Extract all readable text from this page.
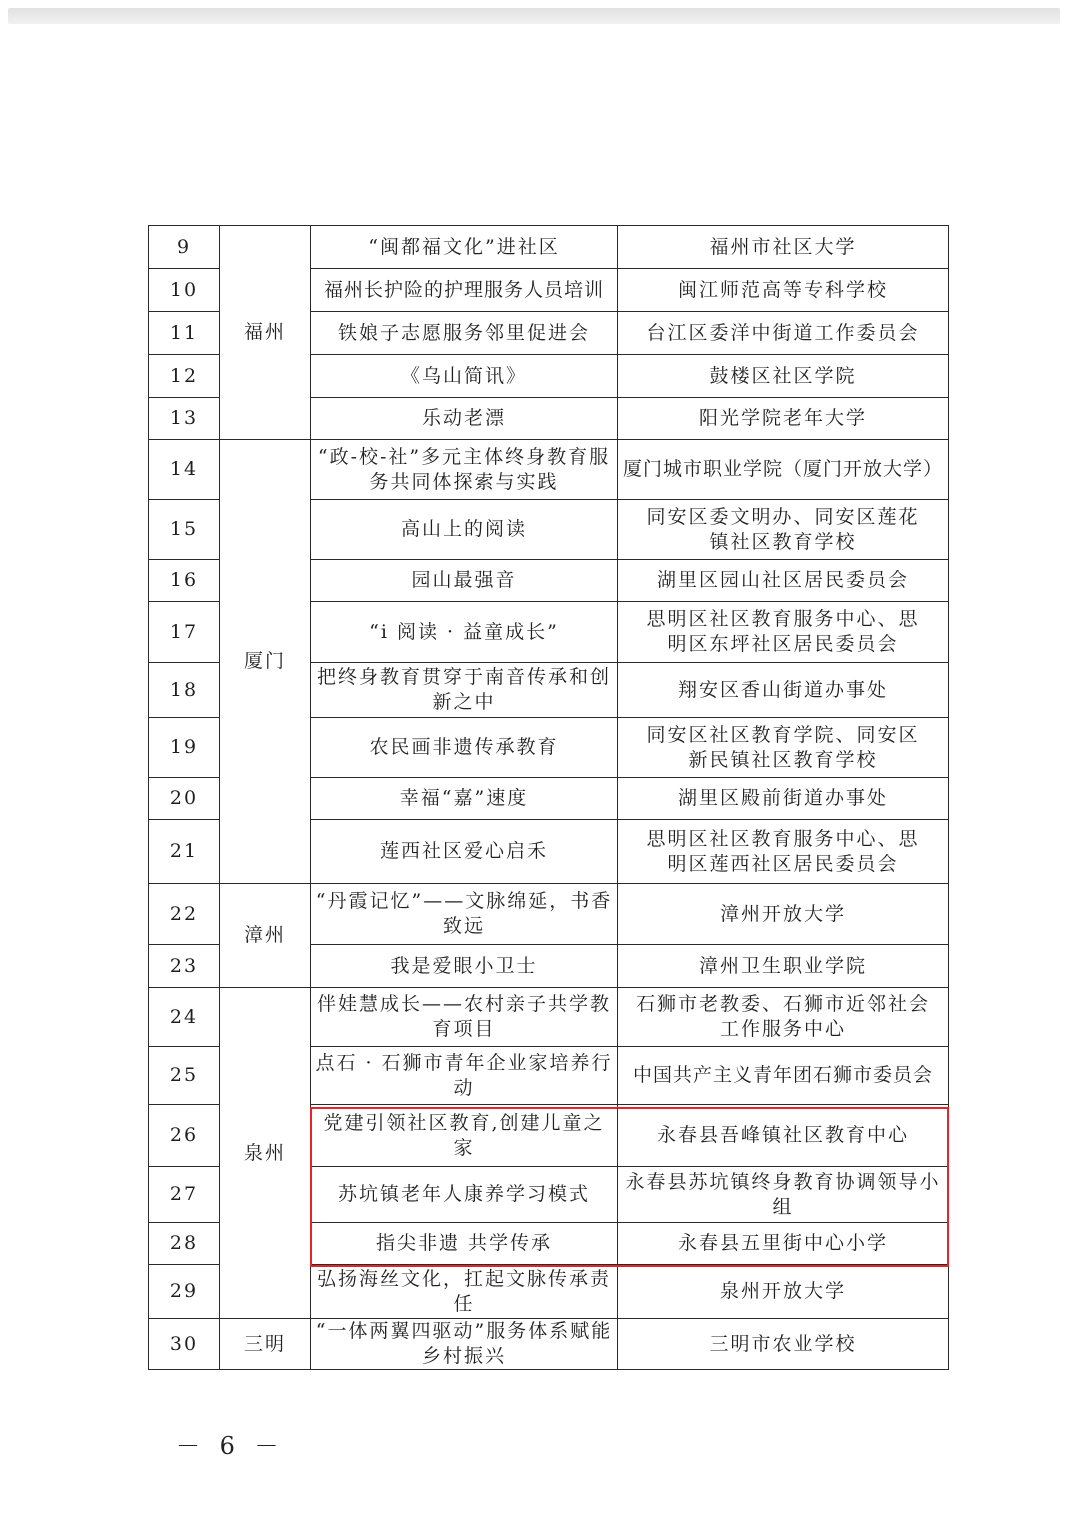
9	福州	“闽都福文化”进社区	福州市社区大学
10		福州长护险的护理服务人员培训	闽江师范高等专科学校
11		铁娘子志愿服务邻里促进会	台江区委洋中街道工作委员会
12		《乌山简讯》	鼓楼区社区学院
13		乐动老漂	阳光学院老年大学
14	厦门	“政-校-社”多元主体终身教育服务共同体探索与实践	厦门城市职业学院（厦门开放大学）
15		高山上的阅读	同安区委文明办、同安区莲花镇社区教育学校
16		园山最强音	湖里区园山社区居民委员会
17		“i 阅读 · 益童成长”	思明区社区教育服务中心、思明区东坪社区居民委员会
18		把终身教育贯穿于南音传承和创新之中	翔安区香山街道办事处
19		农民画非遗传承教育	同安区社区教育学院、同安区新民镇社区教育学校
20		幸福“嘉”速度	湖里区殿前街道办事处
21		莲西社区爱心启禾	思明区社区教育服务中心、思明区莲西社区居民委员会
22	漳州	“丹霞记忆”——文脉绵延，书香致远	漳州开放大学
23		我是爱眼小卫士	漳州卫生职业学院
24	泉州	伴娃慧成长——农村亲子共学教育项目	石狮市老教委、石狮市近邻社会工作服务中心
25		点石 · 石狮市青年企业家培养行动	中国共产主义青年团石狮市委员会
26		党建引领社区教育,创建儿童之家	永春县吾峰镇社区教育中心
27		苏坑镇老年人康养学习模式	永春县苏坑镇终身教育协调领导小组
28		指尖非遗 共学传承	永春县五里街中心小学
29		弘扬海丝文化，扛起文脉传承责任	泉州开放大学
30	三明	“一体两翼四驱动”服务体系赋能乡村振兴	三明市农业学校
－ 6 －
